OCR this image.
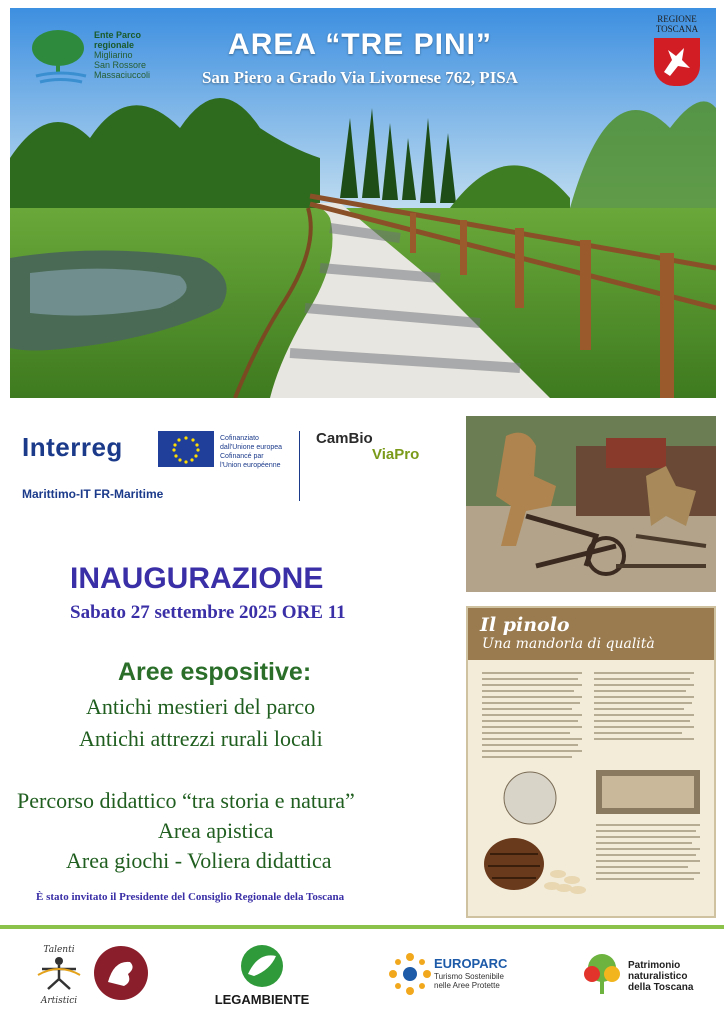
Ente Parco
regionale
Migliarino
San Rossore
Massaciuccoli
AREA “TRE PINI”
San Piero a Grado Via Livornese 762, PISA
REGIONE
TOSCANA
Interreg	Cofinanziato
dall'Unione europea
Cofinancé par
l'Union européenne
Marittimo-IT FR-Maritime
CamBio
ViaPro
Il pinolo
Una mandorla di qualità
INAUGURAZIONE
Sabato 27 settembre 2025 ORE 11
Aree espositive:
Antichi mestieri del parco
Antichi attrezzi rurali locali
Percorso didattico “tra storia e natura”
Area apistica
Area giochi - Voliera didattica
È stato invitato il Presidente del Consiglio Regionale dela Toscana
Talenti
Artistici	LEGAMBIENTE
EUROPARC
Turismo Sostenibile
nelle Aree Protette
Patrimonio
naturalistico
della Toscana
